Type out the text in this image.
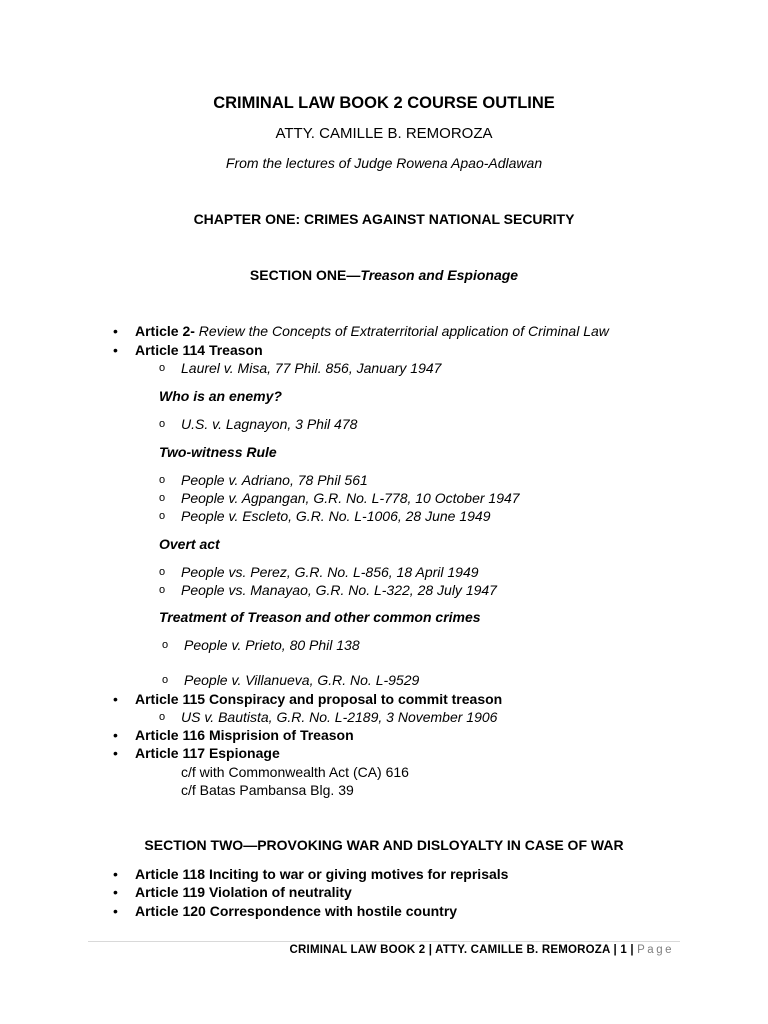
CRIMINAL LAW BOOK 2 COURSE OUTLINE
ATTY. CAMILLE B. REMOROZA
From the lectures of Judge Rowena Apao-Adlawan
CHAPTER ONE: CRIMES AGAINST NATIONAL SECURITY
SECTION ONE—Treason and Espionage
Article 2- Review the Concepts of Extraterritorial application of Criminal Law
Article 114 Treason
Laurel v. Misa, 77 Phil. 856, January 1947
Who is an enemy?
U.S. v. Lagnayon, 3 Phil 478
Two-witness Rule
People v. Adriano, 78 Phil 561
People v. Agpangan, G.R. No. L-778, 10 October 1947
People v. Escleto, G.R. No. L-1006, 28 June 1949
Overt act
People vs. Perez, G.R. No. L-856, 18 April 1949
People vs. Manayao, G.R. No. L-322, 28 July 1947
Treatment of Treason and other common crimes
People v. Prieto, 80 Phil 138
People v. Villanueva, G.R. No. L-9529
Article 115 Conspiracy and proposal to commit treason
US v. Bautista, G.R. No. L-2189, 3 November 1906
Article 116 Misprision of Treason
Article 117 Espionage
c/f with Commonwealth Act (CA) 616
c/f Batas Pambansa Blg. 39
SECTION TWO—PROVOKING WAR AND DISLOYALTY IN CASE OF WAR
Article 118 Inciting to war or giving motives for reprisals
Article 119 Violation of neutrality
Article 120 Correspondence with hostile country
CRIMINAL LAW BOOK 2 | ATTY. CAMILLE B. REMOROZA | 1 | Page
